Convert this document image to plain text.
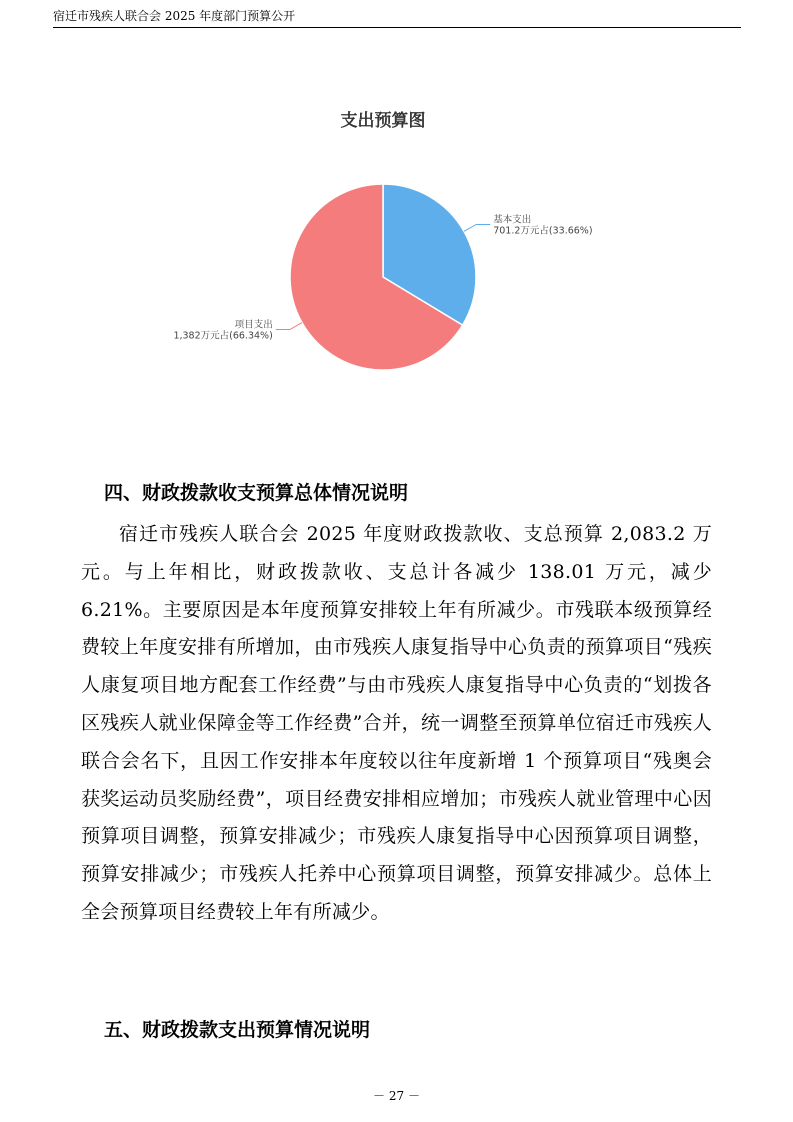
宿迁市残疾人联合会 2025 年度部门预算公开
支出预算图
基本支出
701.2万元占(33.66%)
项目支出
1,382万元占(66.34%)
四、财政拨款收支预算总体情况说明

宿迁市残疾人联合会 2025 年度财政拨款收、支总预算 2,083.2 万元。与上年相比，财政拨款收、支总计各减少 138.01 万元，减少 6.21%。主要原因是本年度预算安排较上年有所减少。市残联本级预算经费较上年度安排有所增加，由市残疾人康复指导中心负责的预算项目“残疾人康复项目地方配套工作经费”与由市残疾人康复指导中心负责的“划拨各区残疾人就业保障金等工作经费”合并，统一调整至预算单位宿迁市残疾人联合会名下，且因工作安排本年度较以往年度新增 1 个预算项目“残奥会获奖运动员奖励经费”，项目经费安排相应增加；市残疾人就业管理中心因预算项目调整，预算安排减少；市残疾人康复指导中心因预算项目调整，预算安排减少；市残疾人托养中心预算项目调整，预算安排减少。总体上全会预算项目经费较上年有所减少。

五、财政拨款支出预算情况说明
－ 27 －
